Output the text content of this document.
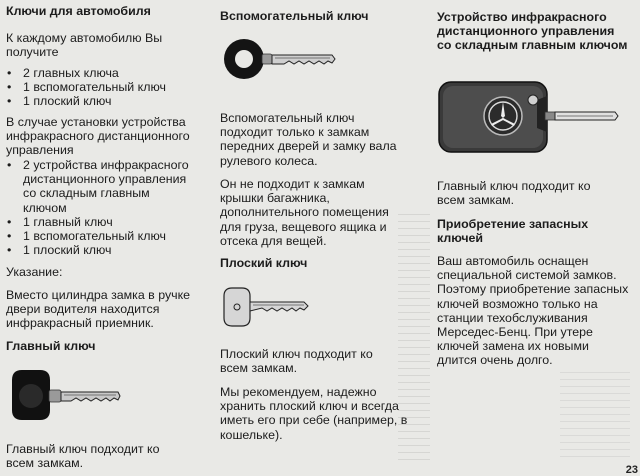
Ключи для автомобиля
К каждому автомобилю Вы получите
• 2 главных ключа
• 1 вспомогательный ключ
• 1 плоский ключ
В случае установки устройства инфракрасного дистанционного управления
• 2 устройства инфракрасного дистанционного управления со складным главным ключом
• 1 главный ключ
• 1 вспомогательный ключ
• 1 плоский ключ
Указание:
Вместо цилиндра замка в ручке двери водителя находится инфракрасный приемник.
Главный ключ
Главный ключ подходит ко всем замкам.
Вспомогательный ключ
Вспомогательный ключ подходит только к замкам передних дверей и замку вала рулевого колеса.
Он не подходит к замкам крышки багажника, дополнительного помещения для груза, вещевого ящика и отсека для вещей.
Плоский ключ
Плоский ключ подходит ко всем замкам.
Мы рекомендуем, надежно хранить плоский ключ и всегда иметь его при себе (например, в кошельке).
Устройство инфракрасного дистанционного управления со складным главным ключом
Главный ключ подходит ко всем замкам.
Приобретение запасных ключей
Ваш автомобиль оснащен специальной системой замков. Поэтому приобретение запасных ключей возможно только на станции техобслуживания Мерседес-Бенц. При утере ключей замена их новыми длится очень долго.
23
